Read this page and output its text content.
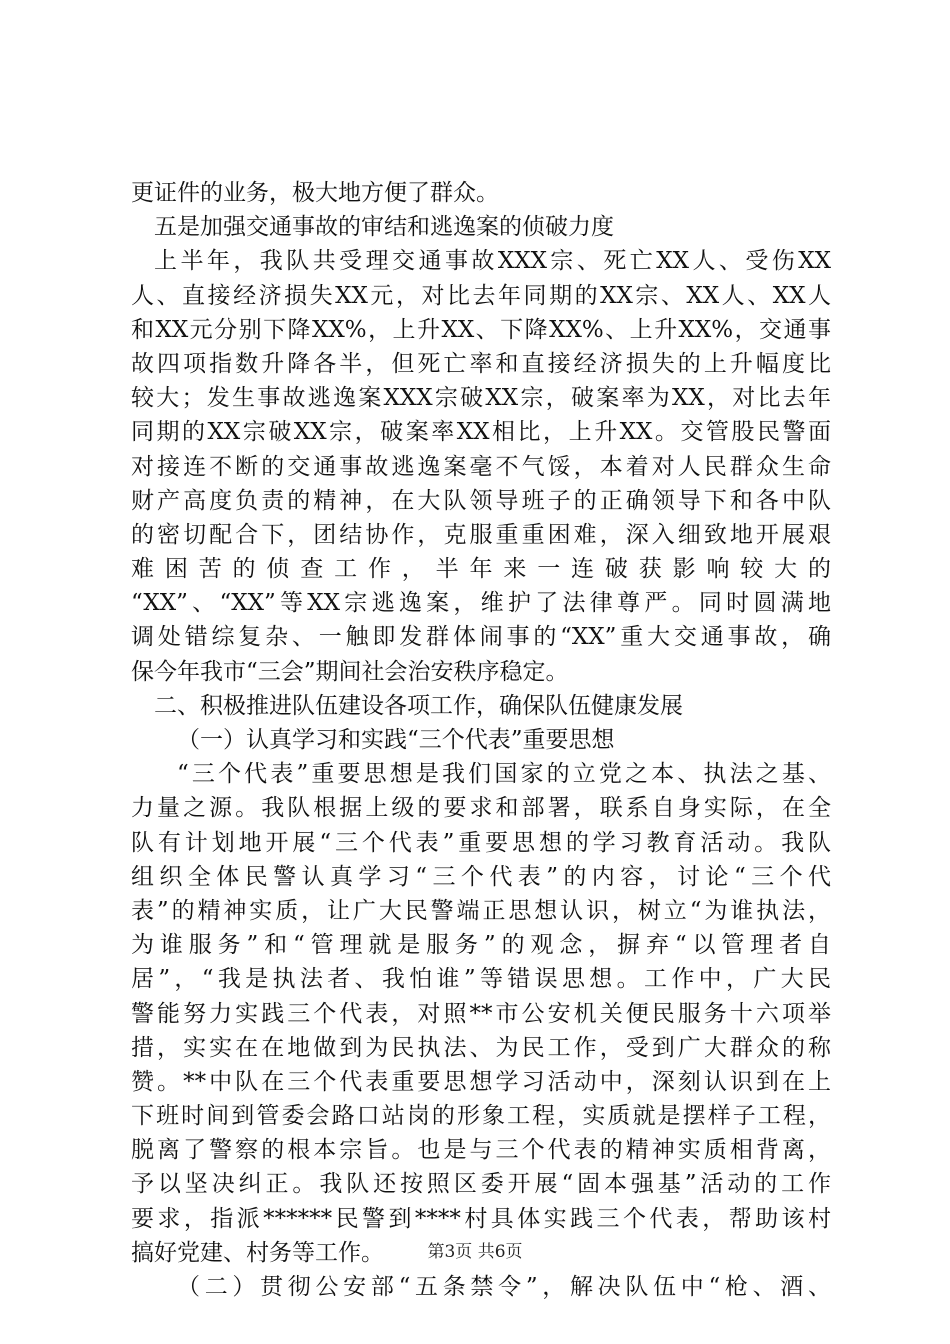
更证件的业务，极大地方便了群众。
五是加强交通事故的审结和逃逸案的侦破力度
上半年，我队共受理交通事故XXX宗、死亡XX人、受伤XX
人、直接经济损失XX元，对比去年同期的XX宗、XX人、XX人
和XX元分别下降XX%，上升XX、下降XX%、上升XX%，交通事
故四项指数升降各半，但死亡率和直接经济损失的上升幅度比
较大；发生事故逃逸案XXX宗破XX宗，破案率为XX，对比去年
同期的XX宗破XX宗，破案率XX相比，上升XX。交管股民警面
对接连不断的交通事故逃逸案毫不气馁，本着对人民群众生命
财产高度负责的精神，在大队领导班子的正确领导下和各中队
的密切配合下，团结协作，克服重重困难，深入细致地开展艰
难困苦的侦查工作，半年来一连破获影响较大的
“XX”、“XX”等XX宗逃逸案，维护了法律尊严。同时圆满地
调处错综复杂、一触即发群体闹事的“XX”重大交通事故，确
保今年我市“三会”期间社会治安秩序稳定。
二、积极推进队伍建设各项工作，确保队伍健康发展
（一）认真学习和实践“三个代表”重要思想
“三个代表”重要思想是我们国家的立党之本、执法之基、
力量之源。我队根据上级的要求和部署，联系自身实际，在全
队有计划地开展“三个代表”重要思想的学习教育活动。我队
组织全体民警认真学习“三个代表”的内容，讨论“三个代
表”的精神实质，让广大民警端正思想认识，树立“为谁执法，
为谁服务”和“管理就是服务”的观念，摒弃“以管理者自
居”，“我是执法者、我怕谁”等错误思想。工作中，广大民
警能努力实践三个代表，对照**市公安机关便民服务十六项举
措，实实在在地做到为民执法、为民工作，受到广大群众的称
赞。**中队在三个代表重要思想学习活动中，深刻认识到在上
下班时间到管委会路口站岗的形象工程，实质就是摆样子工程，
脱离了警察的根本宗旨。也是与三个代表的精神实质相背离，
予以坚决纠正。我队还按照区委开展“固本强基”活动的工作
要求，指派******民警到****村具体实践三个代表，帮助该村
搞好党建、村务等工作。
（二）贯彻公安部“五条禁令”，解决队伍中“枪、酒、
第3页 共6页
